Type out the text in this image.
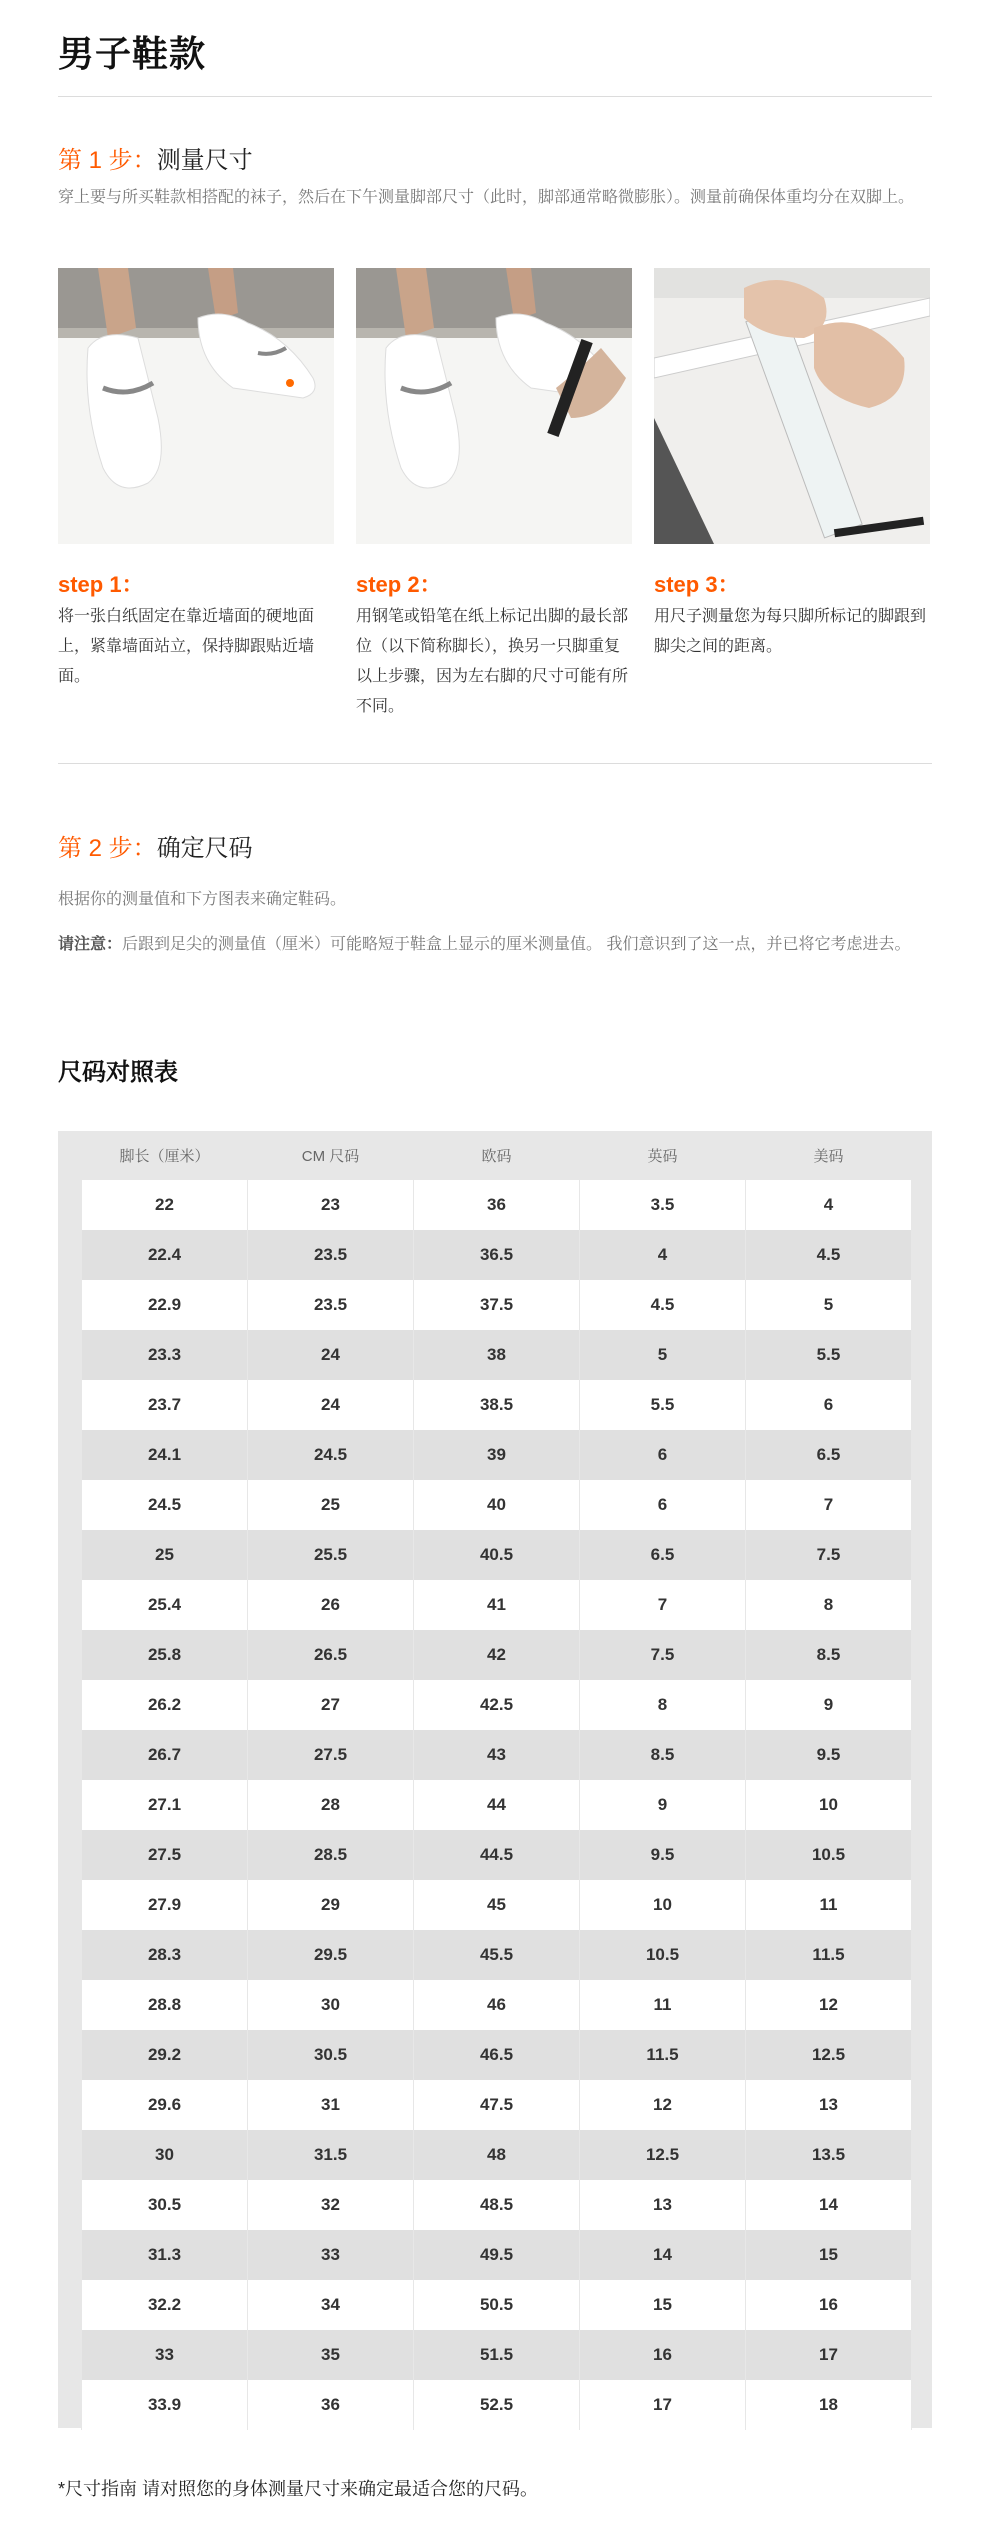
男子鞋款
第 1 步：测量尺寸
穿上要与所买鞋款相搭配的袜子，然后在下午测量脚部尺寸（此时，脚部通常略微膨胀）。测量前确保体重均分在双脚上。
step 1：
将一张白纸固定在靠近墙面的硬地面上，紧靠墙面站立，保持脚跟贴近墙面。
step 2：
用钢笔或铅笔在纸上标记出脚的最长部位（以下简称脚长），换另一只脚重复以上步骤，因为左右脚的尺寸可能有所不同。
step 3：
用尺子测量您为每只脚所标记的脚跟到脚尖之间的距离。
第 2 步：确定尺码
根据你的测量值和下方图表来确定鞋码。
请注意：后跟到足尖的测量值（厘米）可能略短于鞋盒上显示的厘米测量值。 我们意识到了这一点，并已将它考虑进去。
尺码对照表
脚长（厘米）	CM 尺码	欧码	英码	美码
22	23	36	3.5	4
22.4	23.5	36.5	4	4.5
22.9	23.5	37.5	4.5	5
23.3	24	38	5	5.5
23.7	24	38.5	5.5	6
24.1	24.5	39	6	6.5
24.5	25	40	6	7
25	25.5	40.5	6.5	7.5
25.4	26	41	7	8
25.8	26.5	42	7.5	8.5
26.2	27	42.5	8	9
26.7	27.5	43	8.5	9.5
27.1	28	44	9	10
27.5	28.5	44.5	9.5	10.5
27.9	29	45	10	11
28.3	29.5	45.5	10.5	11.5
28.8	30	46	11	12
29.2	30.5	46.5	11.5	12.5
29.6	31	47.5	12	13
30	31.5	48	12.5	13.5
30.5	32	48.5	13	14
31.3	33	49.5	14	15
32.2	34	50.5	15	16
33	35	51.5	16	17
33.9	36	52.5	17	18
*尺寸指南 请对照您的身体测量尺寸来确定最适合您的尺码。
